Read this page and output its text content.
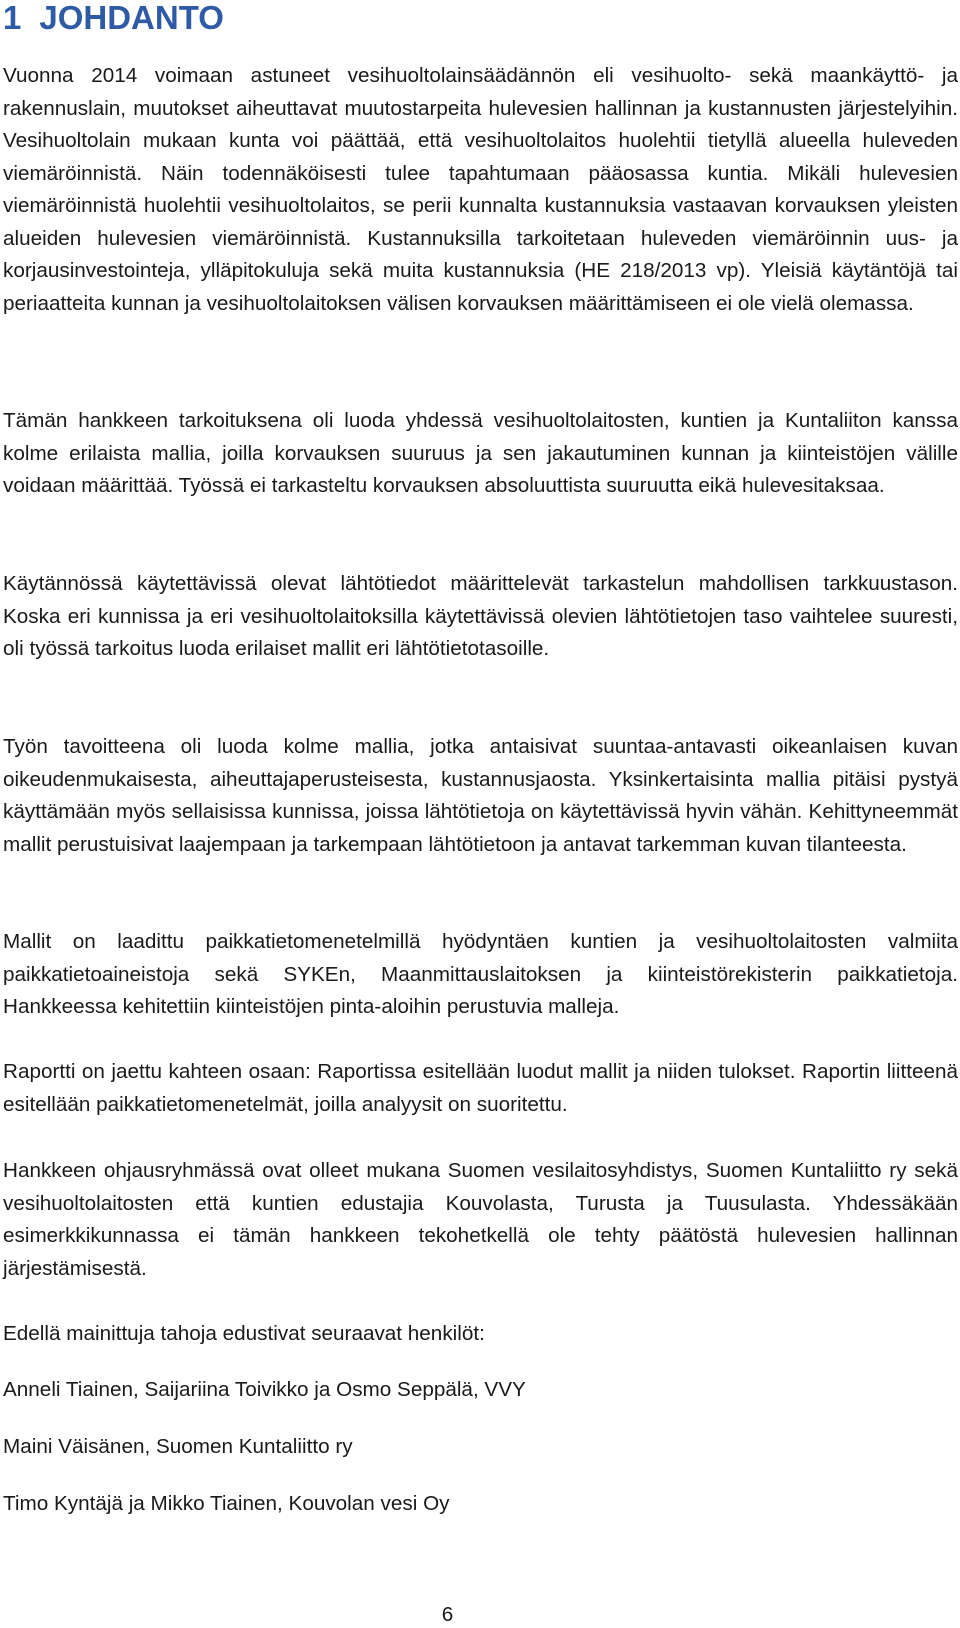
1 JOHDANTO

Vuonna 2014 voimaan astuneet vesihuoltolainsäädännön eli vesihuolto- sekä maankäyttö- ja rakennuslain, muutokset aiheuttavat muutostarpeita hulevesien hallinnan ja kustannusten järjestelyihin. Vesihuoltolain mukaan kunta voi päättää, että vesihuoltolaitos huolehtii tietyllä alueella huleveden viemäröinnistä. Näin todennäköisesti tulee tapahtumaan pääosassa kuntia. Mikäli hulevesien viemäröinnistä huolehtii vesihuoltolaitos, se perii kunnalta kustannuksia vastaavan korvauksen yleisten alueiden hulevesien viemäröinnistä. Kustannuksilla tarkoitetaan huleveden viemäröinnin uus- ja korjausinvestointeja, ylläpitokuluja sekä muita kustannuksia (HE 218/2013 vp). Yleisiä käytäntöjä tai periaatteita kunnan ja vesihuoltolaitoksen välisen korvauksen määrittämiseen ei ole vielä olemassa.

Tämän hankkeen tarkoituksena oli luoda yhdessä vesihuoltolaitosten, kuntien ja Kuntaliiton kanssa kolme erilaista mallia, joilla korvauksen suuruus ja sen jakautuminen kunnan ja kiinteistöjen välille voidaan määrittää. Työssä ei tarkasteltu korvauksen absoluuttista suuruutta eikä hulevesitaksaa.

Käytännössä käytettävissä olevat lähtötiedot määrittelevät tarkastelun mahdollisen tarkkuustason. Koska eri kunnissa ja eri vesihuoltolaitoksilla käytettävissä olevien lähtötietojen taso vaihtelee suuresti, oli työssä tarkoitus luoda erilaiset mallit eri lähtötietotasoille.

Työn tavoitteena oli luoda kolme mallia, jotka antaisivat suuntaa-antavasti oikeanlaisen kuvan oikeudenmukaisesta, aiheuttajaperusteisesta, kustannusjaosta. Yksinkertaisinta mallia pitäisi pystyä käyttämään myös sellaisissa kunnissa, joissa lähtötietoja on käytettävissä hyvin vähän. Kehittyneemmät mallit perustuisivat laajempaan ja tarkempaan lähtötietoon ja antavat tarkemman kuvan tilanteesta.

Mallit on laadittu paikkatietomenetelmillä hyödyntäen kuntien ja vesihuoltolaitosten valmiita paikkatietoaineistoja sekä SYKEn, Maanmittauslaitoksen ja kiinteistörekisterin paikkatietoja. Hankkeessa kehitettiin kiinteistöjen pinta-aloihin perustuvia malleja.

Raportti on jaettu kahteen osaan: Raportissa esitellään luodut mallit ja niiden tulokset. Raportin liitteenä esitellään paikkatietomenetelmät, joilla analyysit on suoritettu.

Hankkeen ohjausryhmässä ovat olleet mukana Suomen vesilaitosyhdistys, Suomen Kuntaliitto ry sekä vesihuoltolaitosten että kuntien edustajia Kouvolasta, Turusta ja Tuusulasta. Yhdessäkään esimerkkikunnassa ei tämän hankkeen tekohetkellä ole tehty päätöstä hulevesien hallinnan järjestämisestä.

Edellä mainittuja tahoja edustivat seuraavat henkilöt:

Anneli Tiainen, Saijariina Toivikko ja Osmo Seppälä, VVY

Maini Väisänen, Suomen Kuntaliitto ry

Timo Kyntäjä ja Mikko Tiainen, Kouvolan vesi Oy

6
